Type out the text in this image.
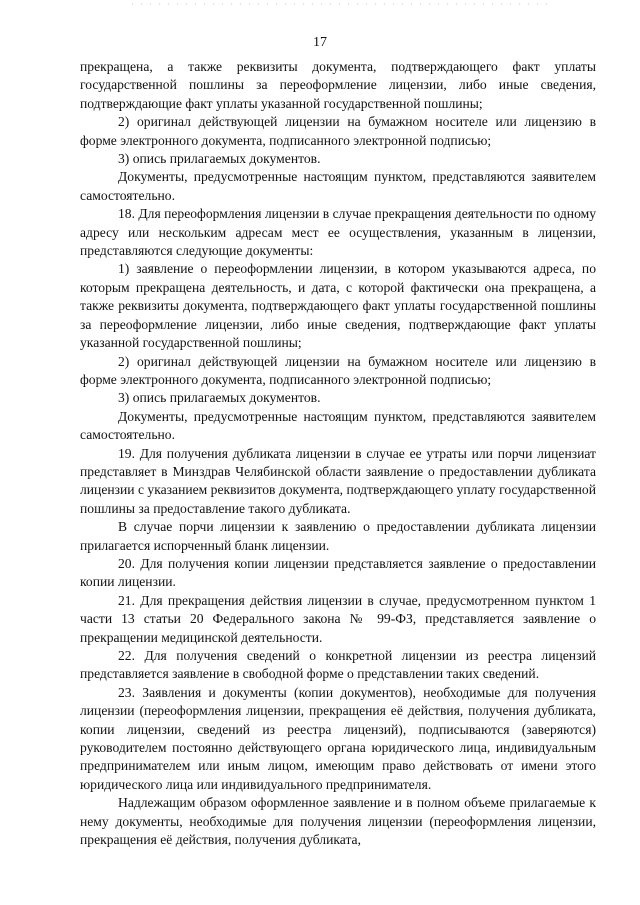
17

прекращена, а также реквизиты документа, подтверждающего факт уплаты государственной пошлины за переоформление лицензии, либо иные сведения, подтверждающие факт уплаты указанной государственной пошлины;

2) оригинал действующей лицензии на бумажном носителе или лицензию в форме электронного документа, подписанного электронной подписью;

3) опись прилагаемых документов.

Документы, предусмотренные настоящим пунктом, представляются заявителем самостоятельно.

18. Для переоформления лицензии в случае прекращения деятельности по одному адресу или нескольким адресам мест ее осуществления, указанным в лицензии, представляются следующие документы:

1) заявление о переоформлении лицензии, в котором указываются адреса, по которым прекращена деятельность, и дата, с которой фактически она прекращена, а также реквизиты документа, подтверждающего факт уплаты государственной пошлины за переоформление лицензии, либо иные сведения, подтверждающие факт уплаты указанной государственной пошлины;

2) оригинал действующей лицензии на бумажном носителе или лицензию в форме электронного документа, подписанного электронной подписью;

3) опись прилагаемых документов.

Документы, предусмотренные настоящим пунктом, представляются заявителем самостоятельно.

19. Для получения дубликата лицензии в случае ее утраты или порчи лицензиат представляет в Минздрав Челябинской области заявление о предоставлении дубликата лицензии с указанием реквизитов документа, подтверждающего уплату государственной пошлины за предоставление такого дубликата.

В случае порчи лицензии к заявлению о предоставлении дубликата лицензии прилагается испорченный бланк лицензии.

20. Для получения копии лицензии представляется заявление о предоставлении копии лицензии.

21. Для прекращения действия лицензии в случае, предусмотренном пунктом 1 части 13 статьи 20 Федерального закона № 99-ФЗ, представляется заявление о прекращении медицинской деятельности.

22. Для получения сведений о конкретной лицензии из реестра лицензий представляется заявление в свободной форме о представлении таких сведений.

23. Заявления и документы (копии документов), необходимые для получения лицензии (переоформления лицензии, прекращения её действия, получения дубликата, копии лицензии, сведений из реестра лицензий), подписываются (заверяются) руководителем постоянно действующего органа юридического лица, индивидуальным предпринимателем или иным лицом, имеющим право действовать от имени этого юридического лица или индивидуального предпринимателя.

Надлежащим образом оформленное заявление и в полном объеме прилагаемые к нему документы, необходимые для получения лицензии (переоформления лицензии, прекращения её действия, получения дубликата,
